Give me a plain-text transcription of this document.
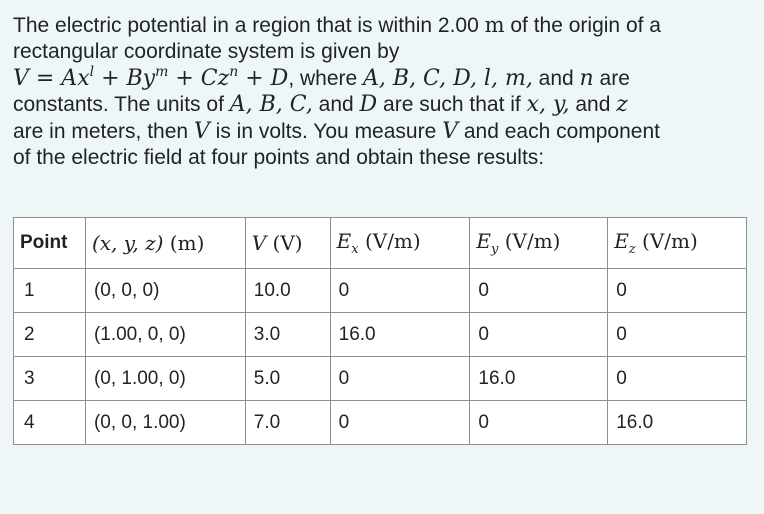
The electric potential in a region that is within 2.00 m of the origin of a
rectangular coordinate system is given by
$V = Ax^l + By^m + Cz^n + D$, where A, B, C, D, l, m, and n are
constants. The units of A, B, C, and D are such that if x, y, and z
are in meters, then V is in volts. You measure V and each component
of the electric field at four points and obtain these results:
Point	(x, y, z) (m)	V (V)	$E_x$ (V/m)	$E_y$ (V/m)	$E_z$ (V/m)
1	(0, 0, 0)	10.0	0	0	0
2	(1.00, 0, 0)	3.0	16.0	0	0
3	(0, 1.00, 0)	5.0	0	16.0	0
4	(0, 0, 1.00)	7.0	0	0	16.0
